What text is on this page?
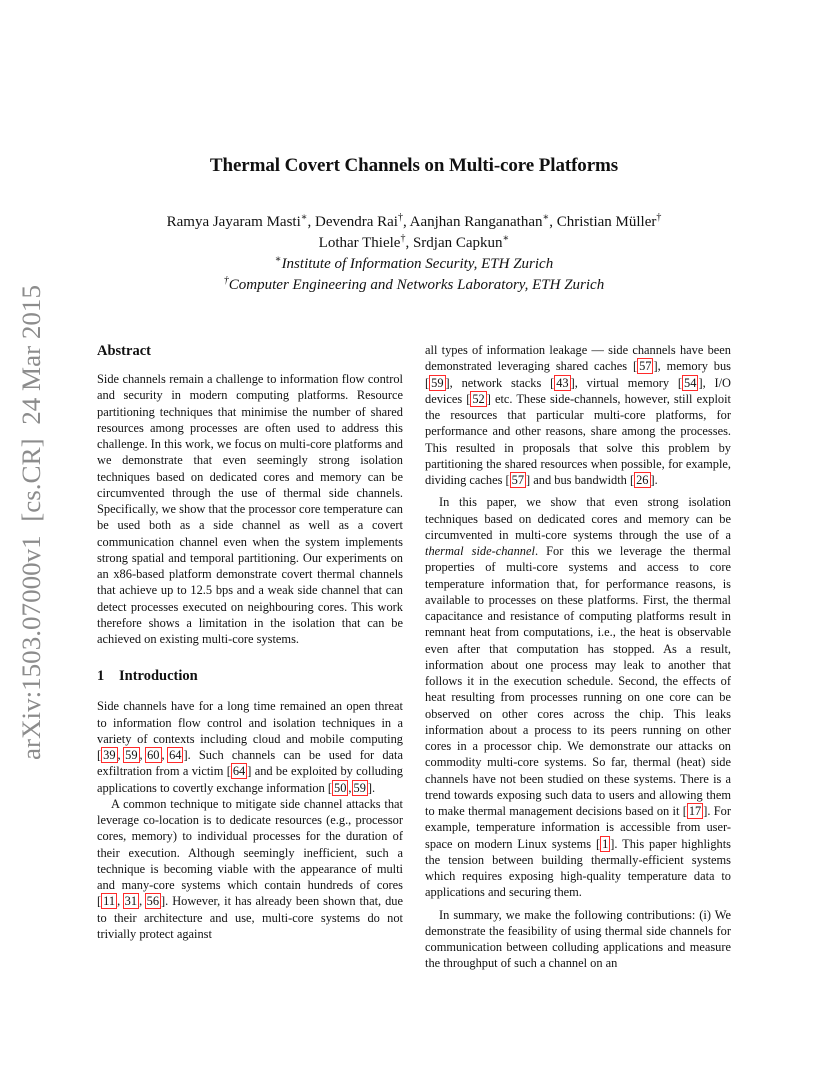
arXiv:1503.07000v1  [cs.CR]  24 Mar 2015
Thermal Covert Channels on Multi-core Platforms
Ramya Jayaram Masti∗, Devendra Rai†, Aanjhan Ranganathan∗, Christian Müller†
Lothar Thiele†, Srdjan Capkun∗
∗Institute of Information Security, ETH Zurich
†Computer Engineering and Networks Laboratory, ETH Zurich
Abstract

Side channels remain a challenge to information flow control and security in modern computing platforms. Resource partitioning techniques that minimise the number of shared resources among processes are often used to address this challenge. In this work, we focus on multi-core platforms and we demonstrate that even seemingly strong isolation techniques based on dedicated cores and memory can be circumvented through the use of thermal side channels. Specifically, we show that the processor core temperature can be used both as a side channel as well as a covert communication channel even when the system implements strong spatial and temporal partitioning. Our experiments on an x86-based platform demonstrate covert thermal channels that achieve up to 12.5 bps and a weak side channel that can detect processes executed on neighbouring cores. This work therefore shows a limitation in the isolation that can be achieved on existing multi-core systems.

1 Introduction

Side channels have for a long time remained an open threat to information flow control and isolation techniques in a variety of contexts including cloud and mobile computing [ 39 , 59 , 60 , 64 ]. Such channels can be used for data exfiltration from a victim [ 64 ] and be exploited by colluding applications to covertly exchange information [ 50 , 59 ].

A common technique to mitigate side channel attacks that leverage co-location is to dedicate resources (e.g., processor cores, memory) to individual processes for the duration of their execution. Although seemingly inefficient, such a technique is becoming viable with the appearance of multi and many-core systems which contain hundreds of cores [ 11 , 31 , 56 ]. However, it has already been shown that, due to their architecture and use, multi-core systems do not trivially protect against

all types of information leakage — side channels have been demonstrated leveraging shared caches [ 57 ], memory bus [ 59 ], network stacks [ 43 ], virtual memory [ 54 ], I/O devices [ 52 ] etc. These side-channels, however, still exploit the resources that particular multi-core platforms, for performance and other reasons, share among the processes. This resulted in proposals that solve this problem by partitioning the shared resources when possible, for example, dividing caches [ 57 ] and bus bandwidth [ 26 ].

In this paper, we show that even strong isolation techniques based on dedicated cores and memory can be circumvented in multi-core systems through the use of a thermal side-channel. For this we leverage the thermal properties of multi-core systems and access to core temperature information that, for performance reasons, is available to processes on these platforms. First, the thermal capacitance and resistance of computing platforms result in remnant heat from computations, i.e., the heat is observable even after that computation has stopped. As a result, information about one process may leak to another that follows it in the execution schedule. Second, the effects of heat resulting from processes running on one core can be observed on other cores across the chip. This leaks information about a process to its peers running on other cores in a processor chip. We demonstrate our attacks on commodity multi-core systems. So far, thermal (heat) side channels have not been studied on these systems. There is a trend towards exposing such data to users and allowing them to make thermal management decisions based on it [ 17 ]. For example, temperature information is accessible from user-space on modern Linux systems [ 1 ]. This paper highlights the tension between building thermally-efficient systems which requires exposing high-quality temperature data to applications and securing them.

In summary, we make the following contributions: (i) We demonstrate the feasibility of using thermal side channels for communication between colluding applications and measure the throughput of such a channel on an
